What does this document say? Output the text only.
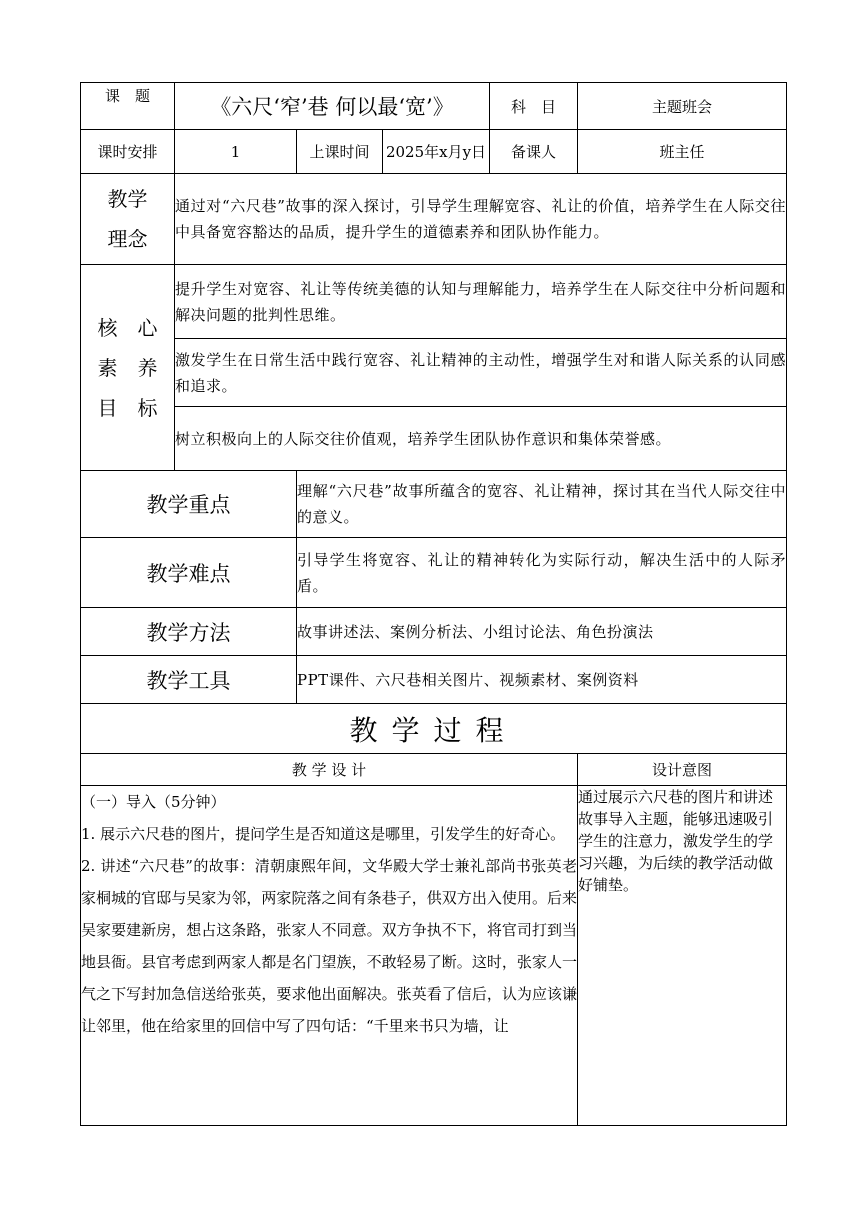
课　题	《六尺‘窄’巷 何以最‘宽’》			科　目	主题班会
课时安排	1	上课时间	2025年x月y日	备课人	班主任

教学
理念	通过对“六尺巷”故事的深入探讨，引导学生理解宽容、礼让的价值，培养学生在人际交往中具备宽容豁达的品质，提升学生的道德素养和团队协作能力。				

核　心
素　养
目　标	提升学生对宽容、礼让等传统美德的认知与理解能力，培养学生在人际交往中分析问题和解决问题的批判性思维。				
	激发学生在日常生活中践行宽容、礼让精神的主动性，增强学生对和谐人际关系的认同感和追求。				
	树立积极向上的人际交往价值观，培养学生团队协作意识和集体荣誉感。				
教学重点		理解“六尺巷”故事所蕴含的宽容、礼让精神，探讨其在当代人际交往中的意义。			
教学难点		引导学生将宽容、礼让的精神转化为实际行动，解决生活中的人际矛盾。			
教学方法		故事讲述法、案例分析法、小组讨论法、角色扮演法			
教学工具		PPT课件、六尺巷相关图片、视频素材、案例资料			
教学过程					
教 学 设 计					设计意图

（一）导入（5分钟）

1. 展示六尺巷的图片，提问学生是否知道这是哪里，引发学生的好奇心。

2. 讲述“六尺巷”的故事：清朝康熙年间，文华殿大学士兼礼部尚书张英老家桐城的官邸与吴家为邻，两家院落之间有条巷子，供双方出入使用。后来吴家要建新房，想占这条路，张家人不同意。双方争执不下，将官司打到当地县衙。县官考虑到两家人都是名门望族，不敢轻易了断。这时，张家人一气之下写封加急信送给张英，要求他出面解决。张英看了信后，认为应该谦让邻里，他在给家里的回信中写了四句话：“千里来书只为墙，让					通过展示六尺巷的图片和讲述故事导入主题，能够迅速吸引学生的注意力，激发学生的学习兴趣，为后续的教学活动做好铺垫。
